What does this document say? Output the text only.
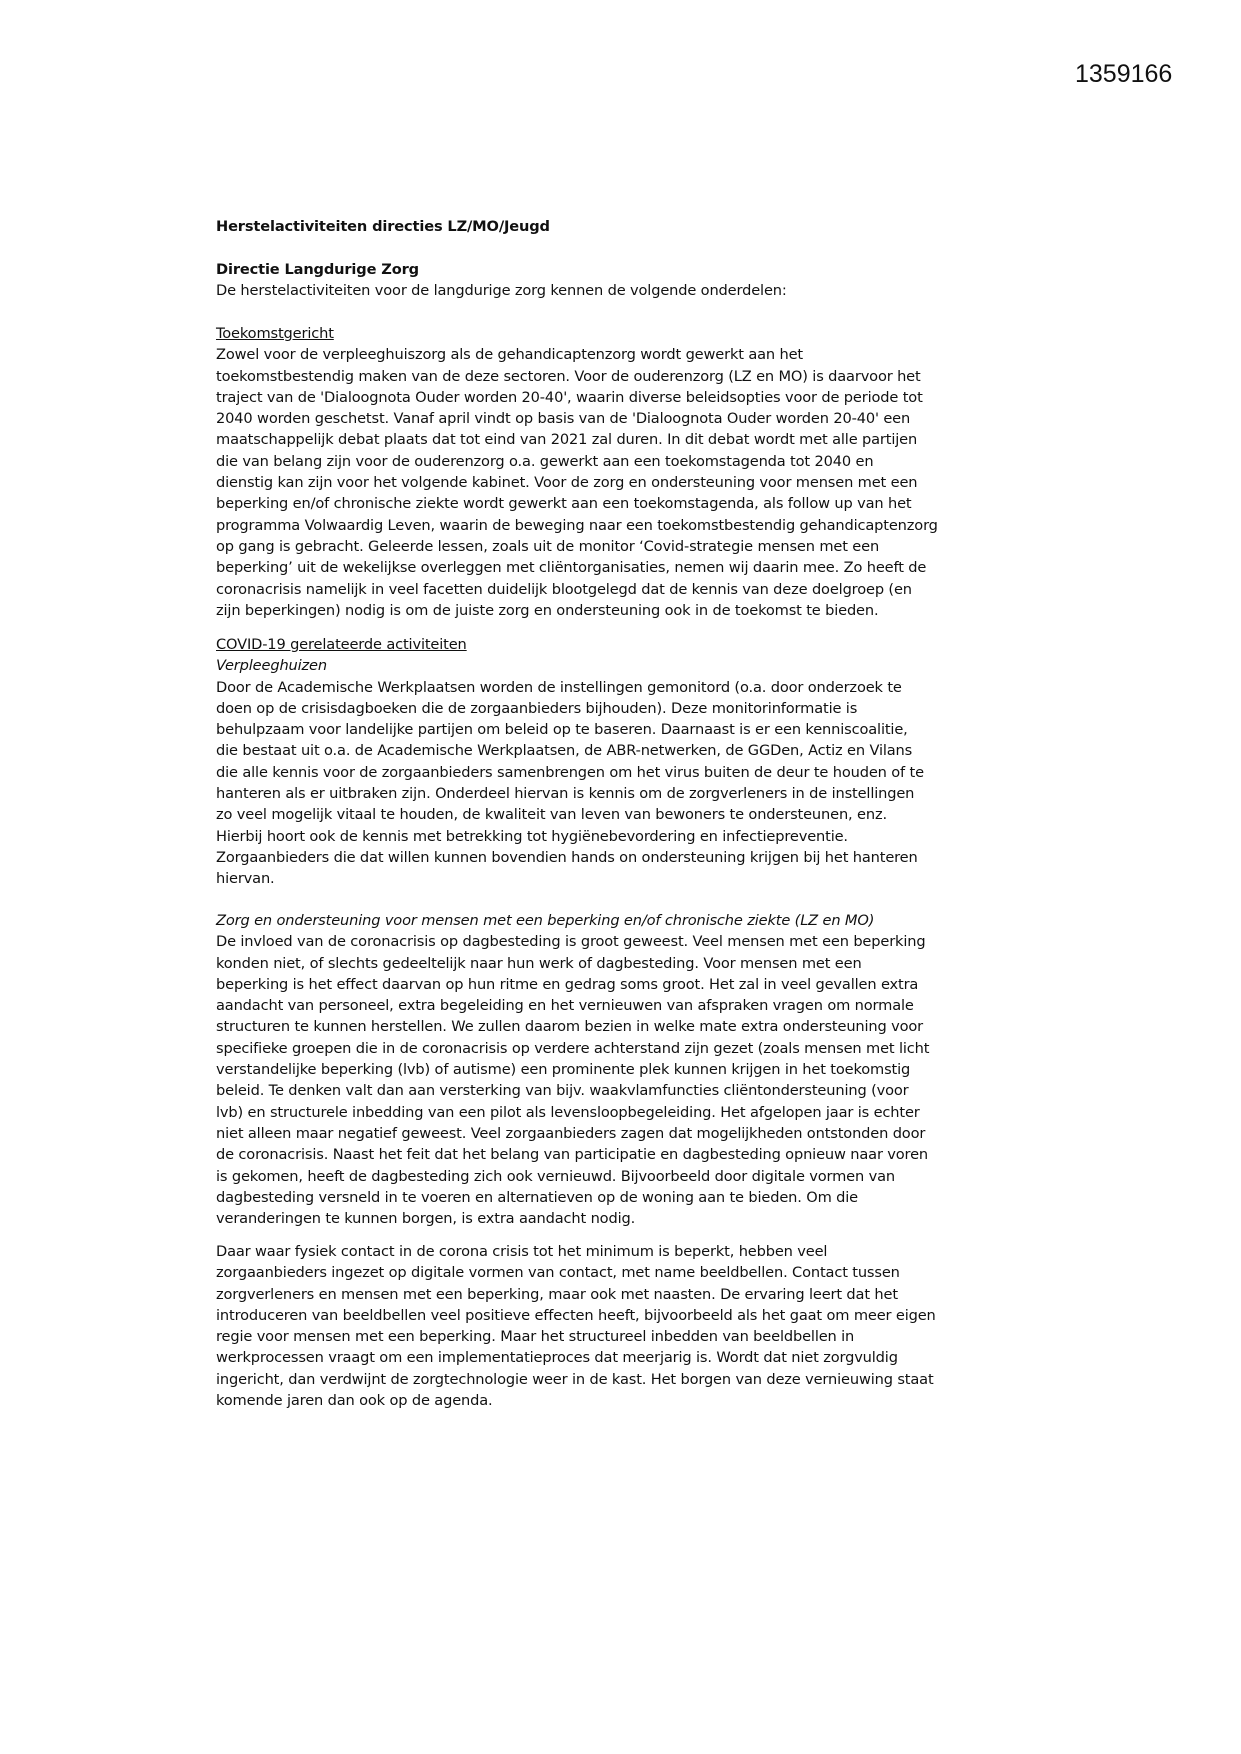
1359166
Herstelactiviteiten directies LZ/MO/Jeugd
Directie Langdurige Zorg
De herstelactiviteiten voor de langdurige zorg kennen de volgende onderdelen:
Toekomstgericht
Zowel voor de verpleeghuiszorg als de gehandicaptenzorg wordt gewerkt aan het
toekomstbestendig maken van de deze sectoren. Voor de ouderenzorg (LZ en MO) is daarvoor het
traject van de 'Dialoognota Ouder worden 20-40', waarin diverse beleidsopties voor de periode tot
2040 worden geschetst. Vanaf april vindt op basis van de 'Dialoognota Ouder worden 20-40' een
maatschappelijk debat plaats dat tot eind van 2021 zal duren. In dit debat wordt met alle partijen
die van belang zijn voor de ouderenzorg o.a. gewerkt aan een toekomstagenda tot 2040 en
dienstig kan zijn voor het volgende kabinet. Voor de zorg en ondersteuning voor mensen met een
beperking en/of chronische ziekte wordt gewerkt aan een toekomstagenda, als follow up van het
programma Volwaardig Leven, waarin de beweging naar een toekomstbestendig gehandicaptenzorg
op gang is gebracht. Geleerde lessen, zoals uit de monitor ‘Covid-strategie mensen met een
beperking’ uit de wekelijkse overleggen met cliëntorganisaties, nemen wij daarin mee. Zo heeft de
coronacrisis namelijk in veel facetten duidelijk blootgelegd dat de kennis van deze doelgroep (en
zijn beperkingen) nodig is om de juiste zorg en ondersteuning ook in de toekomst te bieden.
COVID-19 gerelateerde activiteiten
Verpleeghuizen
Door de Academische Werkplaatsen worden de instellingen gemonitord (o.a. door onderzoek te
doen op de crisisdagboeken die de zorgaanbieders bijhouden). Deze monitorinformatie is
behulpzaam voor landelijke partijen om beleid op te baseren. Daarnaast is er een kenniscoalitie,
die bestaat uit o.a. de Academische Werkplaatsen, de ABR-netwerken, de GGDen, Actiz en Vilans
die alle kennis voor de zorgaanbieders samenbrengen om het virus buiten de deur te houden of te
hanteren als er uitbraken zijn. Onderdeel hiervan is kennis om de zorgverleners in de instellingen
zo veel mogelijk vitaal te houden, de kwaliteit van leven van bewoners te ondersteunen, enz.
Hierbij hoort ook de kennis met betrekking tot hygiënebevordering en infectiepreventie.
Zorgaanbieders die dat willen kunnen bovendien hands on ondersteuning krijgen bij het hanteren
hiervan.
Zorg en ondersteuning voor mensen met een beperking en/of chronische ziekte (LZ en MO)
De invloed van de coronacrisis op dagbesteding is groot geweest. Veel mensen met een beperking
konden niet, of slechts gedeeltelijk naar hun werk of dagbesteding. Voor mensen met een
beperking is het effect daarvan op hun ritme en gedrag soms groot. Het zal in veel gevallen extra
aandacht van personeel, extra begeleiding en het vernieuwen van afspraken vragen om normale
structuren te kunnen herstellen. We zullen daarom bezien in welke mate extra ondersteuning voor
specifieke groepen die in de coronacrisis op verdere achterstand zijn gezet (zoals mensen met licht
verstandelijke beperking (lvb) of autisme) een prominente plek kunnen krijgen in het toekomstig
beleid. Te denken valt dan aan versterking van bijv. waakvlamfuncties cliëntondersteuning (voor
lvb) en structurele inbedding van een pilot als levensloopbegeleiding. Het afgelopen jaar is echter
niet alleen maar negatief geweest. Veel zorgaanbieders zagen dat mogelijkheden ontstonden door
de coronacrisis. Naast het feit dat het belang van participatie en dagbesteding opnieuw naar voren
is gekomen, heeft de dagbesteding zich ook vernieuwd. Bijvoorbeeld door digitale vormen van
dagbesteding versneld in te voeren en alternatieven op de woning aan te bieden. Om die
veranderingen te kunnen borgen, is extra aandacht nodig.
Daar waar fysiek contact in de corona crisis tot het minimum is beperkt, hebben veel
zorgaanbieders ingezet op digitale vormen van contact, met name beeldbellen. Contact tussen
zorgverleners en mensen met een beperking, maar ook met naasten. De ervaring leert dat het
introduceren van beeldbellen veel positieve effecten heeft, bijvoorbeeld als het gaat om meer eigen
regie voor mensen met een beperking. Maar het structureel inbedden van beeldbellen in
werkprocessen vraagt om een implementatieproces dat meerjarig is. Wordt dat niet zorgvuldig
ingericht, dan verdwijnt de zorgtechnologie weer in de kast. Het borgen van deze vernieuwing staat
komende jaren dan ook op de agenda.
